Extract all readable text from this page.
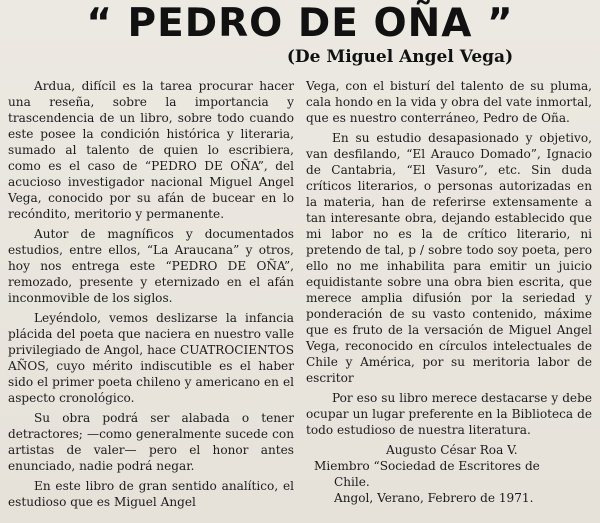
“ PEDRO DE OÑA ”
(De Miguel Angel Vega)

Ardua, difícil es la tarea procurar hacer una reseña, sobre la importancia y trascendencia de un libro, sobre todo cuando este posee la condición histórica y literaria, sumado al talento de quien lo escribiera, como es el caso de “PEDRO DE OÑA”, del acucioso investigador nacional Miguel Angel Vega, conocido por su afán de bucear en lo recóndito, meritorio y permanente.

Autor de magníficos y documentados estudios, entre ellos, “La Araucana” y otros, hoy nos entrega este “PEDRO DE OÑA”, remozado, presente y eternizado en el afán inconmovible de los siglos.

Leyéndolo, vemos deslizarse la infancia plácida del poeta que naciera en nuestro valle privilegiado de Angol, hace CUATROCIENTOS AÑOS, cuyo mérito indiscutible es el haber sido el primer poeta chileno y americano en el aspecto cronológico.

Su obra podrá ser alabada o tener detractores; —como generalmente sucede con artistas de valer— pero el honor antes enunciado, nadie podrá negar.

En este libro de gran sentido analítico, el estudioso que es Miguel Angel

Vega, con el bisturí del talento de su pluma, cala hondo en la vida y obra del vate inmortal, que es nuestro conterráneo, Pedro de Oña.

En su estudio desapasionado y objetivo, van desfilando, “El Arauco Domado”, Ignacio de Cantabria, “El Vasuro”, etc. Sin duda críticos literarios, o personas autorizadas en la materia, han de referirse extensamente a tan interesante obra, dejando establecido que mi labor no es la de crítico literario, ni pretendo de tal, p / sobre todo soy poeta, pero ello no me inhabilita para emitir un juicio equidistante sobre una obra bien escrita, que merece amplia difusión por la seriedad y ponderación de su vasto contenido, máxime que es fruto de la versación de Miguel Angel Vega, reconocido en círculos intelectuales de Chile y América, por su meritoria labor de escritor

Por eso su libro merece destacarse y debe ocupar un lugar preferente en la Biblioteca de todo estudioso de nuestra literatura.

Augusto César Roa V.
Miembro “Sociedad de Escritores de
Chile.
Angol, Verano, Febrero de 1971.
